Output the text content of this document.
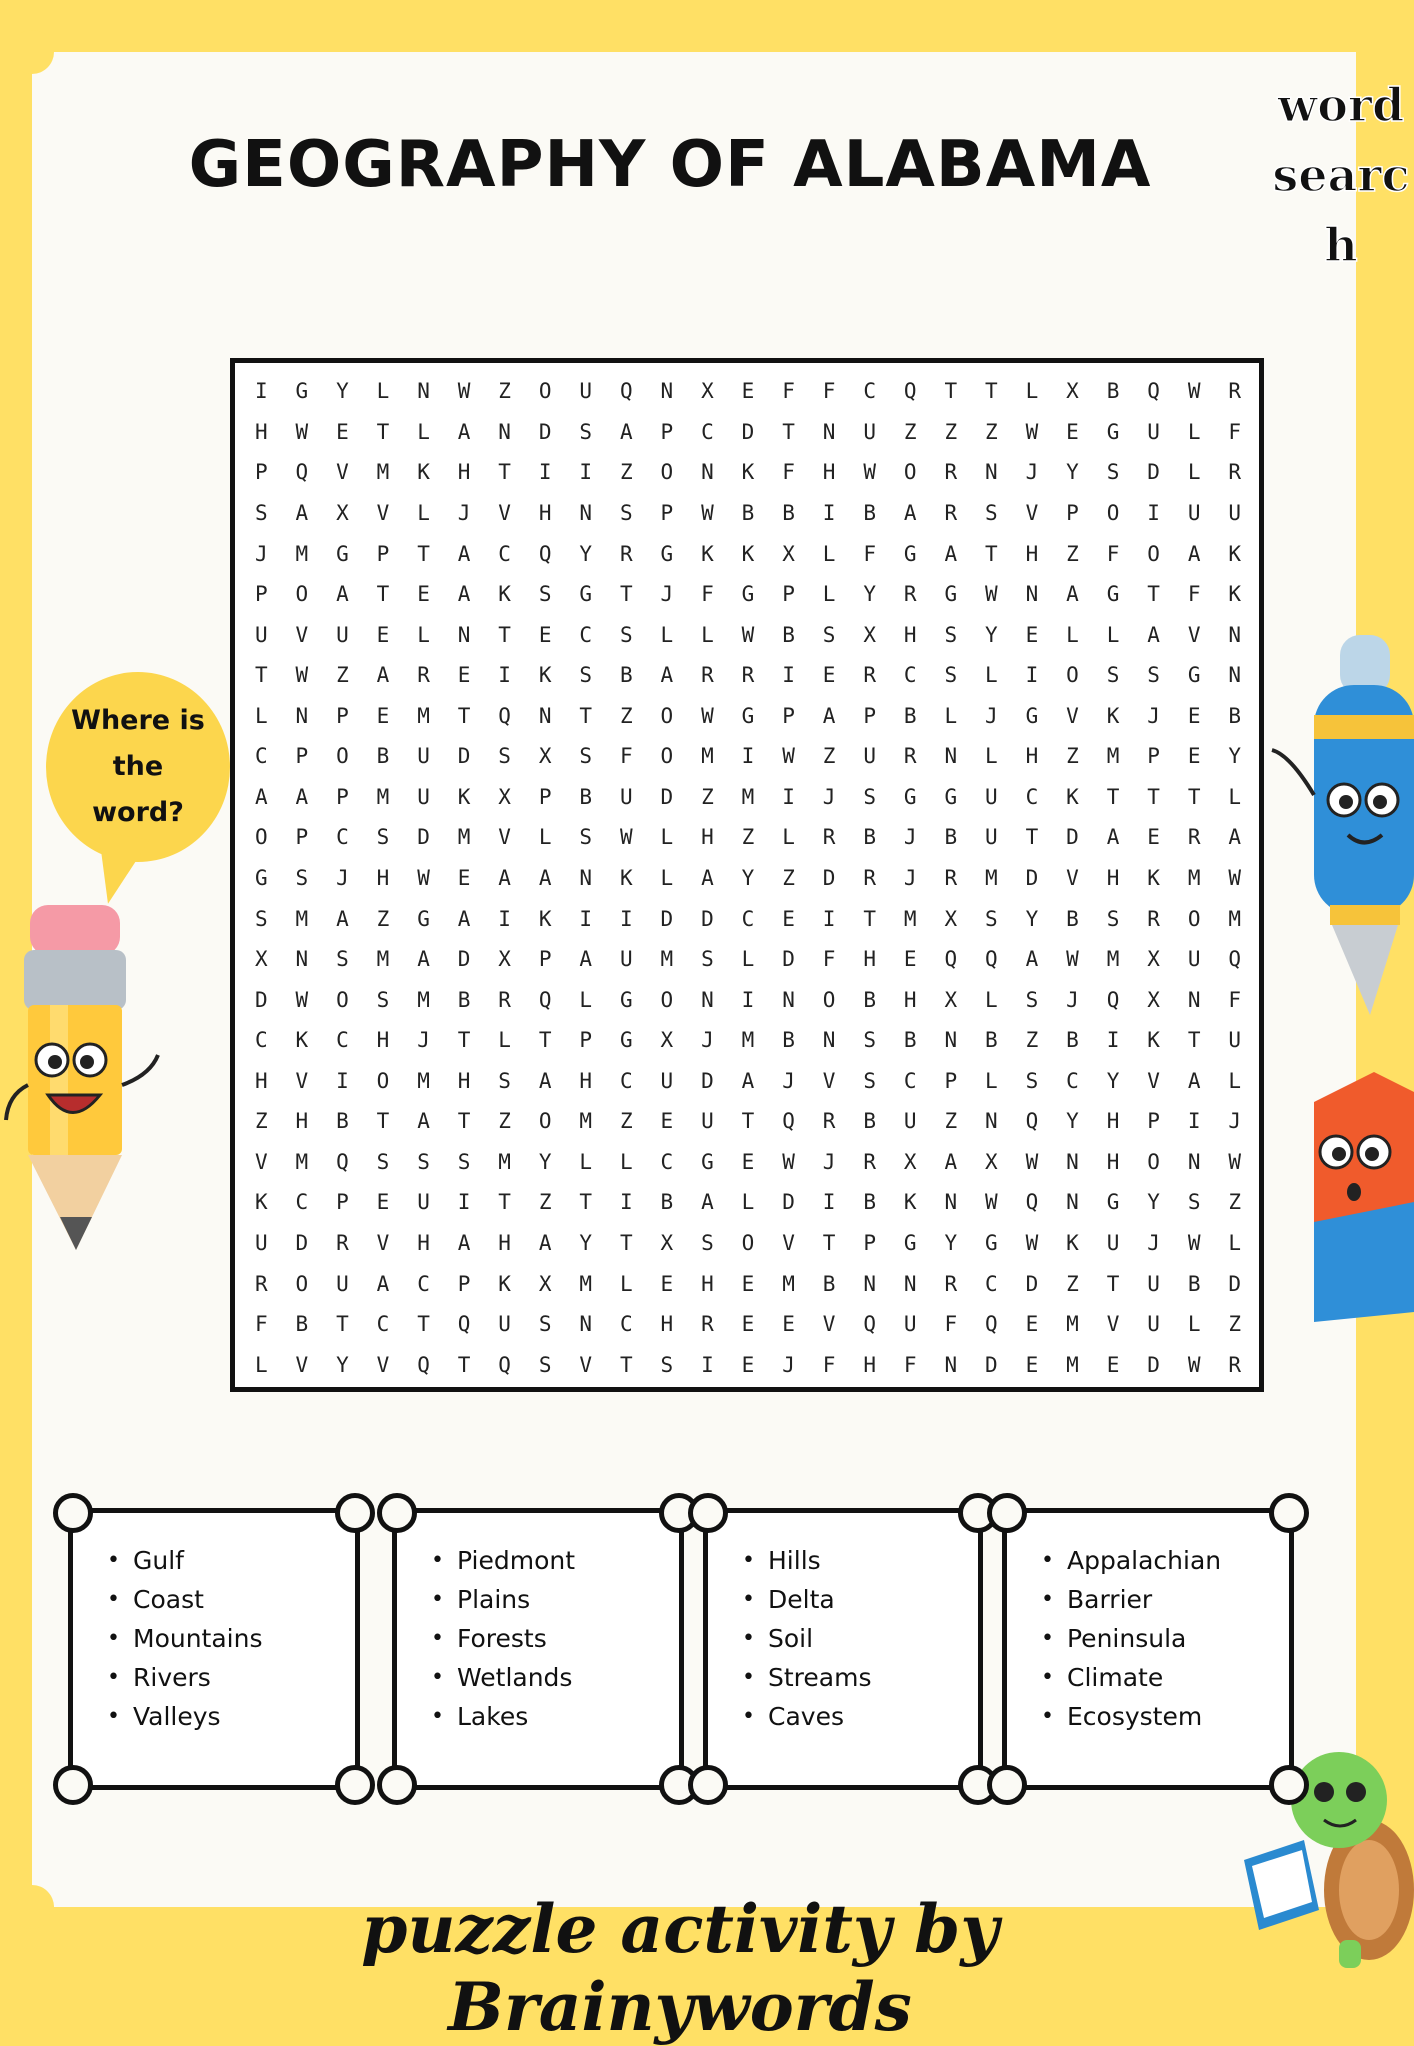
GEOGRAPHY OF ALABAMA
word search
I	G	Y	L	N	W	Z	O	U	Q	N	X	E	F	F	C	Q	T	T	L	X	B	Q	W	R
H	W	E	T	L	A	N	D	S	A	P	C	D	T	N	U	Z	Z	Z	W	E	G	U	L	F
P	Q	V	M	K	H	T	I	I	Z	O	N	K	F	H	W	O	R	N	J	Y	S	D	L	R
S	A	X	V	L	J	V	H	N	S	P	W	B	B	I	B	A	R	S	V	P	O	I	U	U
J	M	G	P	T	A	C	Q	Y	R	G	K	K	X	L	F	G	A	T	H	Z	F	O	A	K
P	O	A	T	E	A	K	S	G	T	J	F	G	P	L	Y	R	G	W	N	A	G	T	F	K
U	V	U	E	L	N	T	E	C	S	L	L	W	B	S	X	H	S	Y	E	L	L	A	V	N
T	W	Z	A	R	E	I	K	S	B	A	R	R	I	E	R	C	S	L	I	O	S	S	G	N
L	N	P	E	M	T	Q	N	T	Z	O	W	G	P	A	P	B	L	J	G	V	K	J	E	B
C	P	O	B	U	D	S	X	S	F	O	M	I	W	Z	U	R	N	L	H	Z	M	P	E	Y
A	A	P	M	U	K	X	P	B	U	D	Z	M	I	J	S	G	G	U	C	K	T	T	T	L
O	P	C	S	D	M	V	L	S	W	L	H	Z	L	R	B	J	B	U	T	D	A	E	R	A
G	S	J	H	W	E	A	A	N	K	L	A	Y	Z	D	R	J	R	M	D	V	H	K	M	W
S	M	A	Z	G	A	I	K	I	I	D	D	C	E	I	T	M	X	S	Y	B	S	R	O	M
X	N	S	M	A	D	X	P	A	U	M	S	L	D	F	H	E	Q	Q	A	W	M	X	U	Q
D	W	O	S	M	B	R	Q	L	G	O	N	I	N	O	B	H	X	L	S	J	Q	X	N	F
C	K	C	H	J	T	L	T	P	G	X	J	M	B	N	S	B	N	B	Z	B	I	K	T	U
H	V	I	O	M	H	S	A	H	C	U	D	A	J	V	S	C	P	L	S	C	Y	V	A	L
Z	H	B	T	A	T	Z	O	M	Z	E	U	T	Q	R	B	U	Z	N	Q	Y	H	P	I	J
V	M	Q	S	S	S	M	Y	L	L	C	G	E	W	J	R	X	A	X	W	N	H	O	N	W
K	C	P	E	U	I	T	Z	T	I	B	A	L	D	I	B	K	N	W	Q	N	G	Y	S	Z
U	D	R	V	H	A	H	A	Y	T	X	S	O	V	T	P	G	Y	G	W	K	U	J	W	L
R	O	U	A	C	P	K	X	M	L	E	H	E	M	B	N	N	R	C	D	Z	T	U	B	D
F	B	T	C	T	Q	U	S	N	C	H	R	E	E	V	Q	U	F	Q	E	M	V	U	L	Z
L	V	Y	V	Q	T	Q	S	V	T	S	I	E	J	F	H	F	N	D	E	M	E	D	W	R
Where is the word?
• Gulf
• Coast
• Mountains
• Rivers
• Valleys
• Piedmont
• Plains
• Forests
• Wetlands
• Lakes
• Hills
• Delta
• Soil
• Streams
• Caves
• Appalachian
• Barrier
• Peninsula
• Climate
• Ecosystem
puzzle activity by Brainywords
